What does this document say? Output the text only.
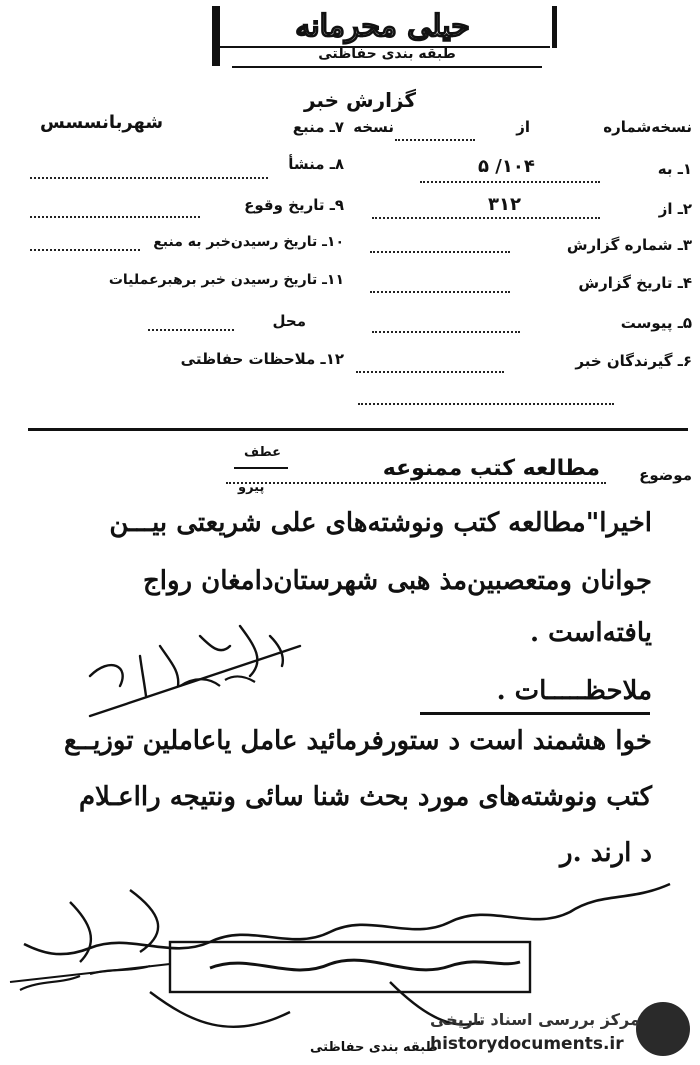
حیلی محرمانه
طبقه بندی حفاظتی
گزارش خبر
نسخه‌شماره
از
نسخه
۷ـ منبع
شهربانسسس
۱ـ به
۱۰۴/ ۵
۸ـ منشأ
۲ـ از
۳۱۲
۹ـ تاریخ وقوع
۳ـ شماره گزارش
۱۰ـ تاریخ رسیدن‌خبر به منبع
۴ـ تاریخ گزارش
۱۱ـ تاریخ رسیدن خبر برهبرعملیات
۵ـ پیوست
محل
۶ـ گیرندگان خبر
۱۲ـ ملاحظات حفاظتی
موضوع
مطالعه کتب ممنوعه
عطف
پیرو
اخیرا"مطالعه کتب ونوشته‌های علی شریعتی بیـــن
جوانان ومتعصبین‌مذ هبی شهرستان‌دامغان رواج
یافته‌است .
ملاحظـــــات .
خوا هشمند است د ستورفرمائید عامل یاعاملین توزیــع
کتب ونوشته‌های مورد بحث شنا سائی ونتیجه رااعـلام
د ارند .ر
طبقه بندی حفاظتی
مرکز بررسی اسناد تاریخی
historydocuments.ir
